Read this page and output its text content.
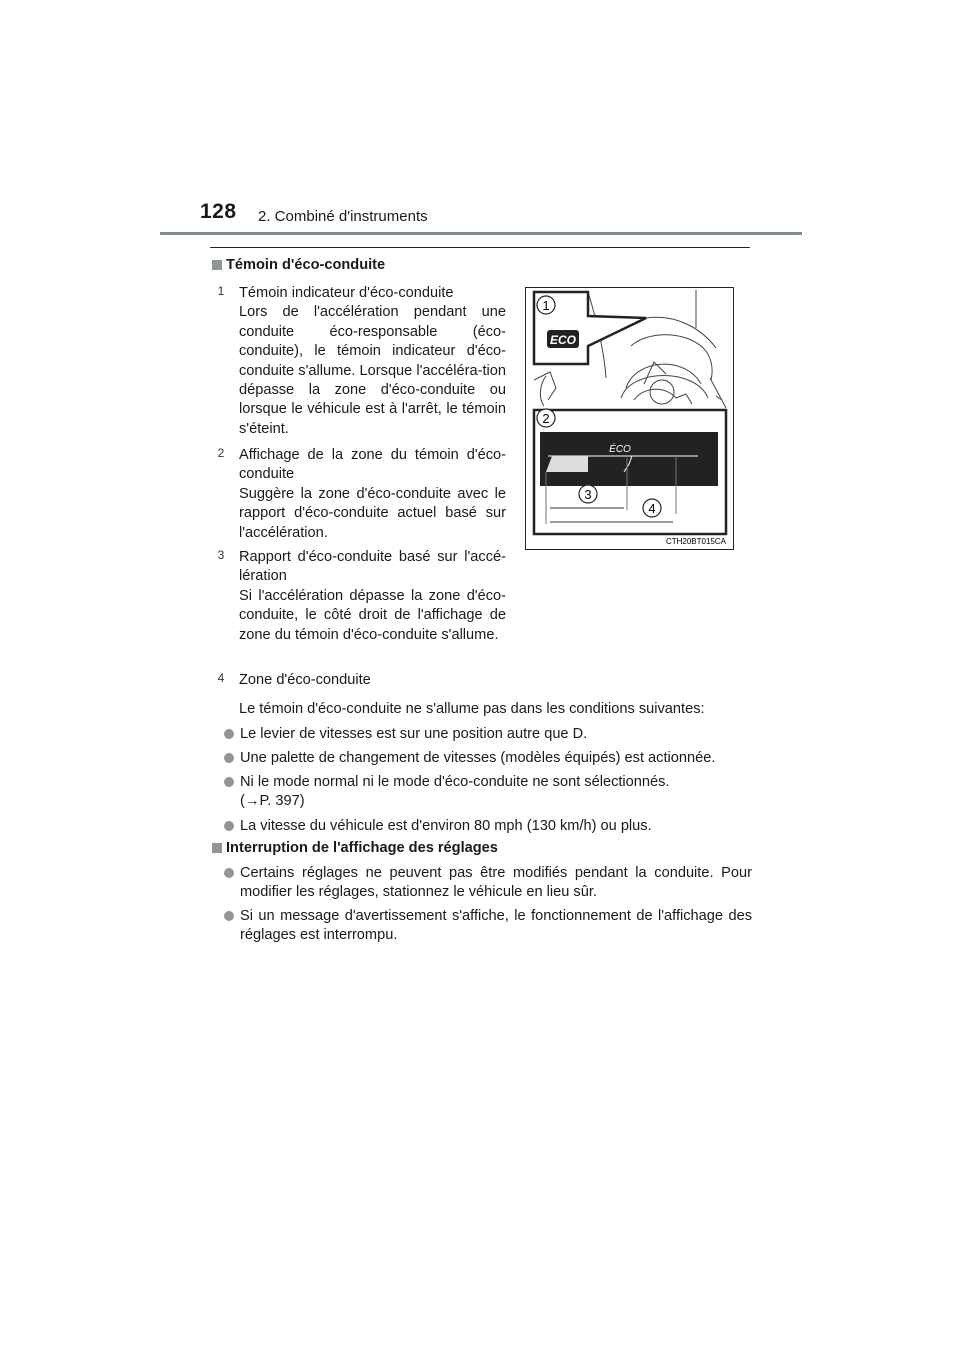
128 2. Combiné d'instruments
Témoin d'éco-conduite
1 Témoin indicateur d'éco-conduite

Lors de l'accélération pendant une conduite éco-responsable (éco-conduite), le témoin indicateur d'éco-conduite s'allume. Lorsque l'accéléra-tion dépasse la zone d'éco-conduite ou lorsque le véhicule est à l'arrêt, le témoin s'éteint.

2 Affichage de la zone du témoin d'éco-conduite

Suggère la zone d'éco-conduite avec le rapport d'éco-conduite actuel basé sur l'accélération.

3 Rapport d'éco-conduite basé sur l'accé-lération

Si l'accélération dépasse la zone d'éco-conduite, le côté droit de l'affichage de zone du témoin d'éco-conduite s'allume.

4 Zone d'éco-conduite

Le témoin d'éco-conduite ne s'allume pas dans les conditions suivantes:
Le levier de vitesses est sur une position autre que D.
Une palette de changement de vitesses (modèles équipés) est actionnée.

Ni le mode normal ni le mode d'éco-conduite ne sont sélectionnés.

(→P. 397)

La vitesse du véhicule est d'environ 80 mph (130 km/h) ou plus.
Interruption de l'affichage des réglages
Certains réglages ne peuvent pas être modifiés pendant la conduite. Pour modifier les réglages, stationnez le véhicule en lieu sûr.
Si un message d'avertissement s'affiche, le fonctionnement de l'affichage des réglages est interrompu.
1
ECO
2
ÉCO
3
4
CTH20BT015CA
